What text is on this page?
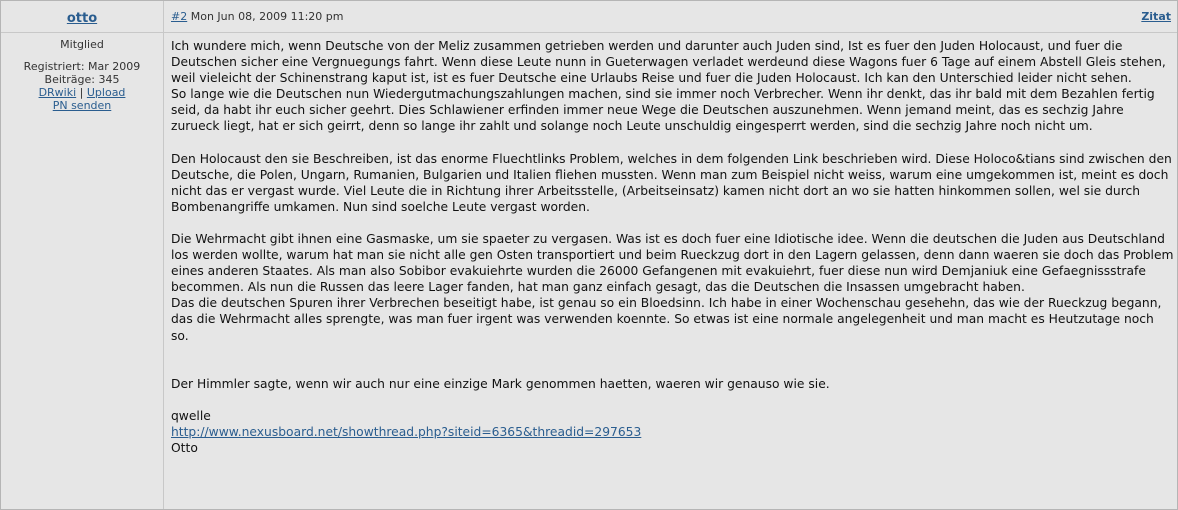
otto	#2 Mon Jun 08, 2009 11:20 pm	Zitat
Mitglied
Registriert: Mar 2009
Beiträge: 345
DRwiki | Upload
PN senden

Ich wundere mich, wenn Deutsche von der Meliz zusammen getrieben werden und darunter auch Juden sind, Ist es fuer den Juden Holocaust, und fuer die Deutschen sicher eine Vergnuegungs fahrt. Wenn diese Leute nunn in Gueterwagen verladet werdeund diese Wagons fuer 6 Tage auf einem Abstell Gleis stehen, weil vieleicht der Schinenstrang kaput ist, ist es fuer Deutsche eine Urlaubs Reise und fuer die Juden Holocaust. Ich kan den Unterschied leider nicht sehen.

So lange wie die Deutschen nun Wiedergutmachungszahlungen machen, sind sie immer noch Verbrecher. Wenn ihr denkt, das ihr bald mit dem Bezahlen fertig seid, da habt ihr euch sicher geehrt. Dies Schlawiener erfinden immer neue Wege die Deutschen auszunehmen. Wenn jemand meint, das es sechzig Jahre zurueck liegt, hat er sich geirrt, denn so lange ihr zahlt und solange noch Leute unschuldig eingesperrt werden, sind die sechzig Jahre noch nicht um.

Den Holocaust den sie Beschreiben, ist das enorme Fluechtlinks Problem, welches in dem folgenden Link beschrieben wird. Diese Holoco&tians sind zwischen den Deutsche, die Polen, Ungarn, Rumanien, Bulgarien und Italien fliehen mussten. Wenn man zum Beispiel nicht weiss, warum eine umgekommen ist, meint es doch nicht das er vergast wurde. Viel Leute die in Richtung ihrer Arbeitsstelle, (Arbeitseinsatz) kamen nicht dort an wo sie hatten hinkommen sollen, wel sie durch Bombenangriffe umkamen. Nun sind soelche Leute vergast worden.

Die Wehrmacht gibt ihnen eine Gasmaske, um sie spaeter zu vergasen. Was ist es doch fuer eine Idiotische idee. Wenn die deutschen die Juden aus Deutschland los werden wollte, warum hat man sie nicht alle gen Osten transportiert und beim Rueckzug dort in den Lagern gelassen, denn dann waeren sie doch das Problem eines anderen Staates. Als man also Sobibor evakuiehrte wurden die 26000 Gefangenen mit evakuiehrt, fuer diese nun wird Demjaniuk eine Gefaegnissstrafe becommen. Als nun die Russen das leere Lager fanden, hat man ganz einfach gesagt, das die Deutschen die Insassen umgebracht haben.

Das die deutschen Spuren ihrer Verbrechen beseitigt habe, ist genau so ein Bloedsinn. Ich habe in einer Wochenschau gesehehn, das wie der Rueckzug begann, das die Wehrmacht alles sprengte, was man fuer irgent was verwenden koennte. So etwas ist eine normale angelegenheit und man macht es Heutzutage noch so.

Der Himmler sagte, wenn wir auch nur eine einzige Mark genommen haetten, waeren wir genauso wie sie.

qwelle

http://www.nexusboard.net/showthread.php?siteid=6365&threadid=297653

Otto
